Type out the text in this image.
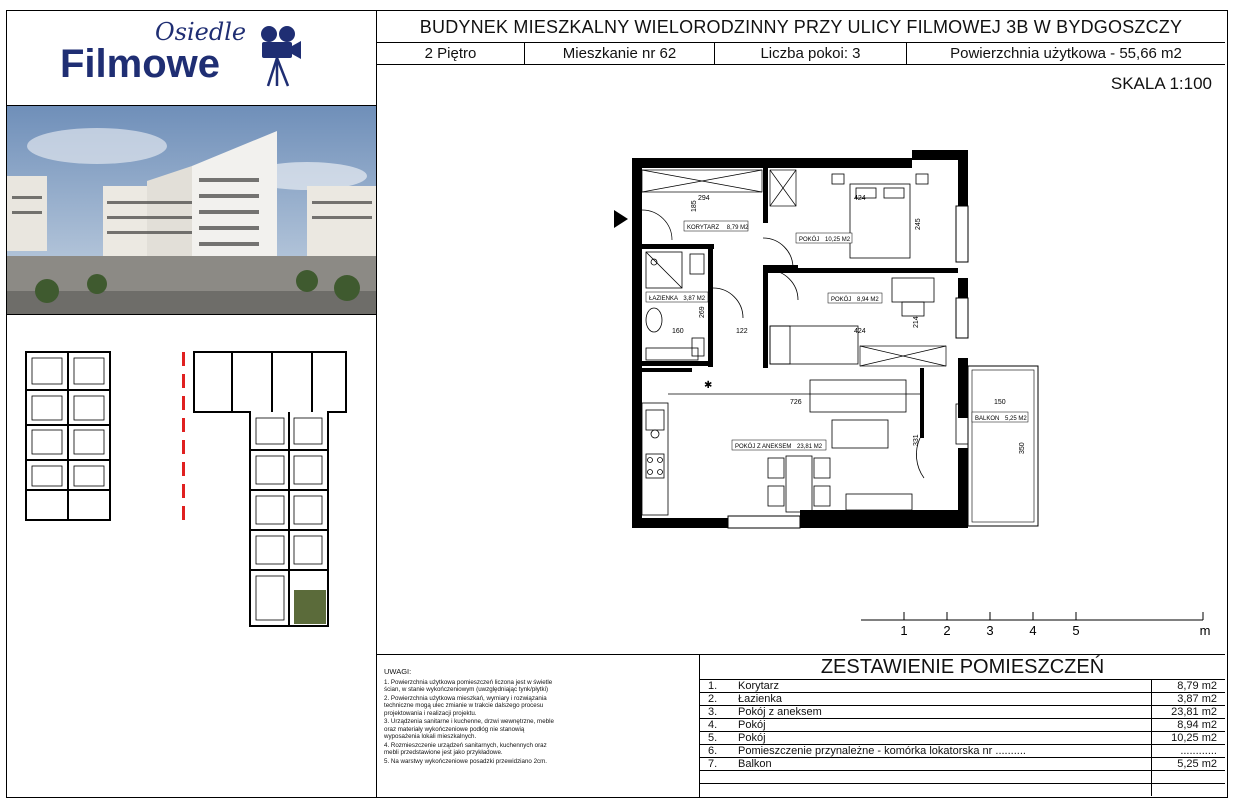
Osiedle
Filmowe
BUDYNEK MIESZKALNY WIELORODZINNY PRZY ULICY FILMOWEJ 3B W BYDGOSZCZY
2 Piętro	Mieszkanie nr 62	Liczba pokoi: 3	Powierzchnia użytkowa - 55,66 m2
SKALA 1:100
✱
294
185
424
245
269
160	122	424
214
726
331
150
350
KORYTARZ 8,79 M2
POKÓJ 10,25 M2
ŁAZIENKA 3,87 M2	POKÓJ 8,94 M2
POKÓJ Z ANEKSEM 23,81 M2
BALKON 5,25 M2
1	2	3	4	5	m
UWAGI:
1. Powierzchnia użytkowa pomieszczeń liczona jest w świetle ścian, w stanie wykończeniowym (uwzględniając tynk/płytki)
2. Powierzchnia użytkowa mieszkań, wymiary i rozwiązania techniczne mogą ulec zmianie w trakcie dalszego procesu projektowania i realizacji projektu.
3. Urządzenia sanitarne i kuchenne, drzwi wewnętrzne, meble oraz materiały wykończeniowe podłóg nie stanowią wyposażenia lokali mieszkalnych.
4. Rozmieszczenie urządzeń sanitarnych, kuchennych oraz mebli przedstawione jest jako przykładowe.
5. Na warstwy wykończeniowe posadzki przewidziano 2cm.
ZESTAWIENIE POMIESZCZEŃ
1.	Korytarz	8,79 m2
2.	Łazienka	3,87 m2
3.	Pokój z aneksem	23,81 m2
4.	Pokój	8,94 m2
5.	Pokój	10,25 m2
6.	Pomieszczenie przynależne - komórka lokatorska nr ..........	............
7.	Balkon	5,25 m2
